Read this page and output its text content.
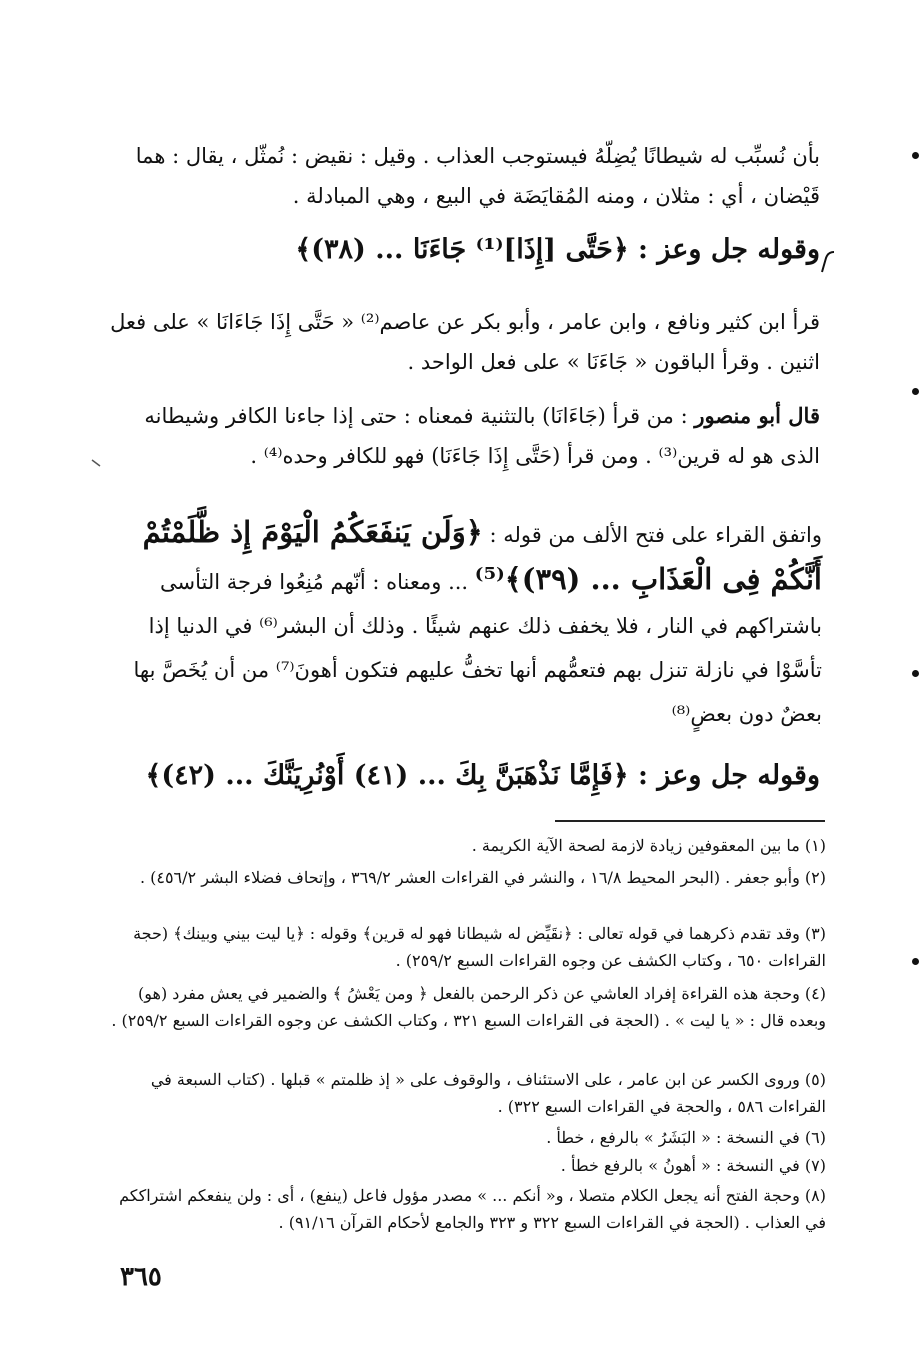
بأن نُسبِّب له شيطانًا يُضِلّهُ فيستوجب العذاب . وقيل : نقيض : نُمثّل ، يقال : هما قَيْضان ، أي : مثلان ، ومنه المُقايَضَة في البيع ، وهي المبادلة .
وقوله جل وعز : ﴿حَتَّى [إِذَا]⁽¹⁾ جَاءَنَا ... (٣٨)﴾
قرأ ابن كثير ونافع ، وابن عامر ، وأبو بكر عن عاصم⁽²⁾ « حَتَّى إِذَا جَاءَانَا » على فعل اثنين . وقرأ الباقون « جَاءَنَا » على فعل الواحد .
قال أبو منصور : من قرأ (جَاءَانَا) بالتثنية فمعناه : حتى إذا جاءنا الكافر وشيطانه الذى هو له قرين⁽³⁾ . ومن قرأ (حَتَّى إِذَا جَاءَنَا) فهو للكافر وحده⁽⁴⁾ .
واتفق القراء على فتح الألف من قوله : ﴿وَلَن يَنفَعَكُمُ الْيَوْمَ إِذ ظَّلَمْتُمْ أَنَّكُمْ فِى الْعَذَابِ ... (٣٩)﴾⁽⁵⁾ ... ومعناه : أنّهم مُنِعُوا فرجة التأسى باشتراكهم في النار ، فلا يخفف ذلك عنهم شيئًا . وذلك أن البشر⁽⁶⁾ في الدنيا إذا تأسَّوْا في نازلة تنزل بهم فتعمُّهم أنها تخفُّ عليهم فتكون أهونَ⁽⁷⁾ من أن يُخَصَّ بها بعضٌ دون بعضٍ⁽⁸⁾
وقوله جل وعز : ﴿فَإِمَّا نَذْهَبَنَّ بِكَ ... (٤١) أَوْنُرِيَنَّكَ ... (٤٢)﴾
(١) ما بين المعقوفين زيادة لازمة لصحة الآية الكريمة .
(٢) وأبو جعفر . (البحر المحيط ١٦/٨ ، والنشر في القراءات العشر ٣٦٩/٢ ، وإتحاف فضلاء البشر ٤٥٦/٢) .
(٣) وقد تقدم ذكرهما في قوله تعالى : ﴿نقَيِّض له شيطانا فهو له قرين﴾ وقوله : ﴿يا ليت بيني وبينك﴾ (حجة القراءات ٦٥٠ ، وكتاب الكشف عن وجوه القراءات السبع ٢٥٩/٢) .
(٤) وحجة هذه القراءة إفراد العاشي عن ذكر الرحمن بالفعل ﴿ ومن يَعْشُ ﴾ والضمير في يعش مفرد (هو) وبعده قال : « يا ليت » . (الحجة فى القراءات السبع ٣٢١ ، وكتاب الكشف عن وجوه القراءات السبع ٢٥٩/٢) .
(٥) وروى الكسر عن ابن عامر ، على الاستئناف ، والوقوف على « إذ ظلمتم » قبلها . (كتاب السبعة في القراءات ٥٨٦ ، والحجة في القراءات السبع ٣٢٢) .
(٦) في النسخة : « البَشَرُ » بالرفع ، خطأ .
(٧) في النسخة : « أهونُ » بالرفع خطأ .
(٨) وحجة الفتح أنه يجعل الكلام متصلا ، و« أنكم ... » مصدر مؤول فاعل (ينفع) ، أى : ولن ينفعكم اشتراككم في العذاب . (الحجة في القراءات السبع ٣٢٢ و ٣٢٣ والجامع لأحكام القرآن ٩١/١٦) .
٣٦٥
